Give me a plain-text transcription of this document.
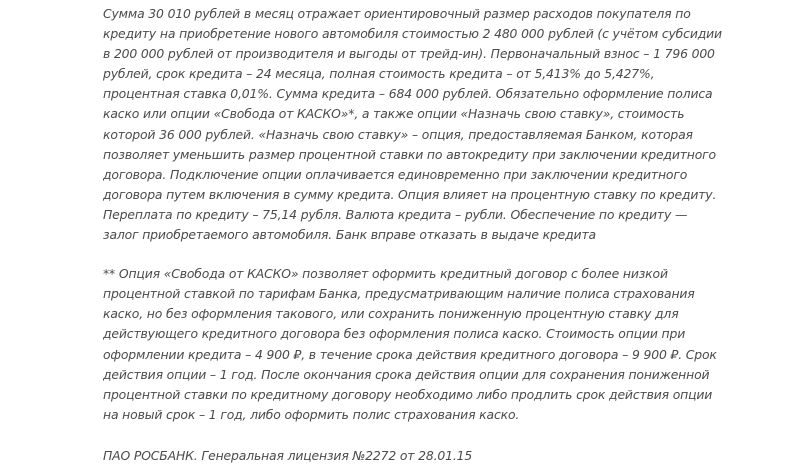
Сумма 30 010 рублей в месяц отражает ориентировочный размер расходов покупателя по кредиту на приобретение нового автомобиля стоимостью 2 480 000 рублей (с учётом субсидии в 200 000 рублей от производителя и выгоды от трейд-ин). Первоначальный взнос – 1 796 000 рублей, срок кредита – 24 месяца, полная стоимость кредита – от 5,413% до 5,427%, процентная ставка 0,01%. Сумма кредита – 684 000 рублей. Обязательно оформление полиса каско или опции «Свобода от КАСКО»*, а также опции «Назначь свою ставку», стоимость которой 36 000 рублей. «Назначь свою ставку» – опция, предоставляемая Банком, которая позволяет уменьшить размер процентной ставки по автокредиту при заключении кредитного договора. Подключение опции оплачивается единовременно при заключении кредитного договора путем включения в сумму кредита. Опция влияет на процентную ставку по кредиту. Переплата по кредиту – 75,14 рубля. Валюта кредита – рубли. Обеспечение по кредиту — залог приобретаемого автомобиля. Банк вправе отказать в выдаче кредита

** Опция «Свобода от КАСКО» позволяет оформить кредитный договор с более низкой процентной ставкой по тарифам Банка, предусматривающим наличие полиса страхования каско, но без оформления такового, или сохранить пониженную процентную ставку для действующего кредитного договора без оформления полиса каско. Стоимость опции при оформлении кредита – 4 900 ₽, в течение срока действия кредитного договора – 9 900 ₽. Срок действия опции – 1 год. После окончания срока действия опции для сохранения пониженной процентной ставки по кредитному договору необходимо либо продлить срок действия опции на новый срок – 1 год, либо оформить полис страхования каско.

ПАО РОСБАНК. Генеральная лицензия №2272 от 28.01.15
